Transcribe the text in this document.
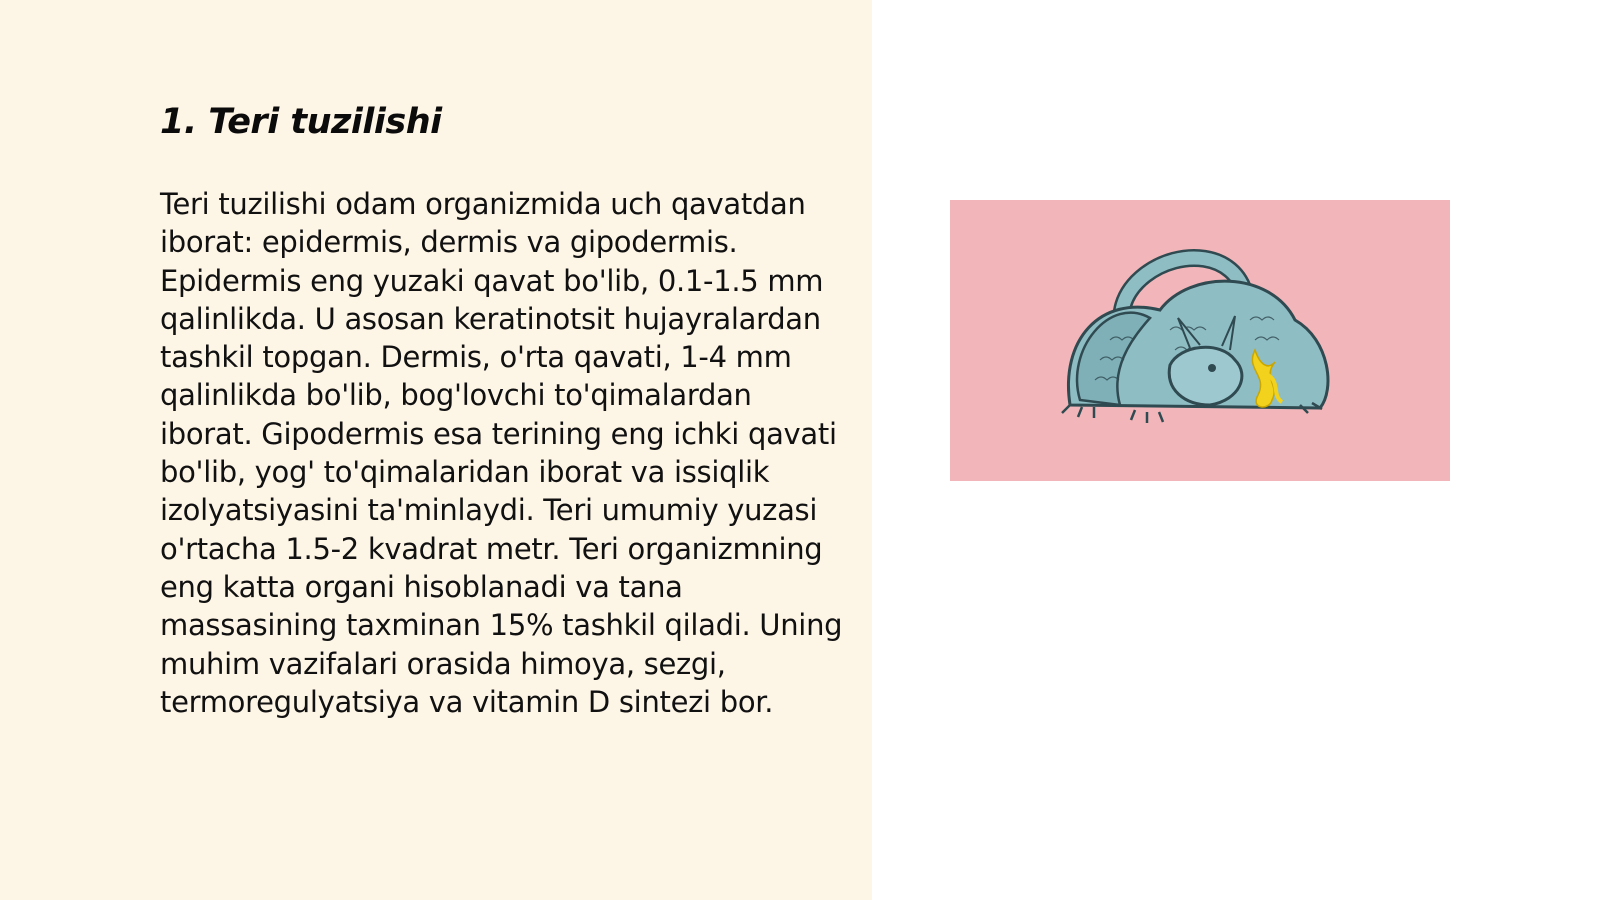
1. Teri tuzilishi

Teri tuzilishi odam organizmida uch qavatdan iborat: epidermis, dermis va gipodermis. Epidermis eng yuzaki qavat bo'lib, 0.1-1.5 mm qalinlikda. U asosan keratinotsit hujayralardan tashkil topgan. Dermis, o'rta qavati, 1-4 mm qalinlikda bo'lib, bog'lovchi to'qimalardan iborat. Gipodermis esa terining eng ichki qavati bo'lib, yog' to'qimalaridan iborat va issiqlik izolyatsiyasini ta'minlaydi. Teri umumiy yuzasi o'rtacha 1.5-2 kvadrat metr. Teri organizmning eng katta organi hisoblanadi va tana massasining taxminan 15% tashkil qiladi. Uning muhim vazifalari orasida himoya, sezgi, termoregulyatsiya va vitamin D sintezi bor.
